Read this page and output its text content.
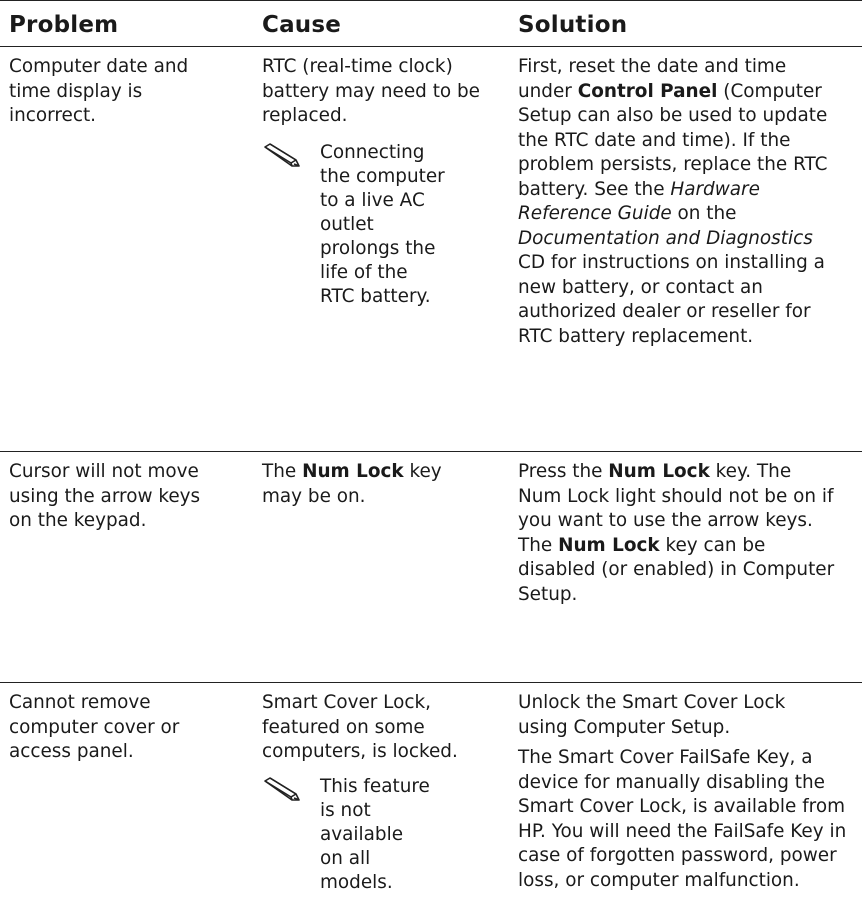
Problem	Cause	Solution

Computer date and time display is incorrect.

RTC (real-time clock) battery may need to be replaced.

Connecting
the computer
to a live AC
outlet
prolongs the
life of the
RTC battery.

First, reset the date and time under Control Panel (Computer Setup can also be used to update the RTC date and time). If the problem persists, replace the RTC battery. See the Hardware Reference Guide on the Documentation and Diagnostics CD for instructions on installing a new battery, or contact an authorized dealer or reseller for RTC battery replacement.

Cursor will not move using the arrow keys on the keypad.

The Num Lock key may be on.

Press the Num Lock key. The Num Lock light should not be on if you want to use the arrow keys. The Num Lock key can be disabled (or enabled) in Computer Setup.

Cannot remove computer cover or access panel.

Smart Cover Lock, featured on some computers, is locked.

This feature
is not
available
on all
models.

Unlock the Smart Cover Lock using Computer Setup.

The Smart Cover FailSafe Key, a device for manually disabling the Smart Cover Lock, is available from HP. You will need the FailSafe Key in case of forgotten password, power loss, or computer malfunction.
